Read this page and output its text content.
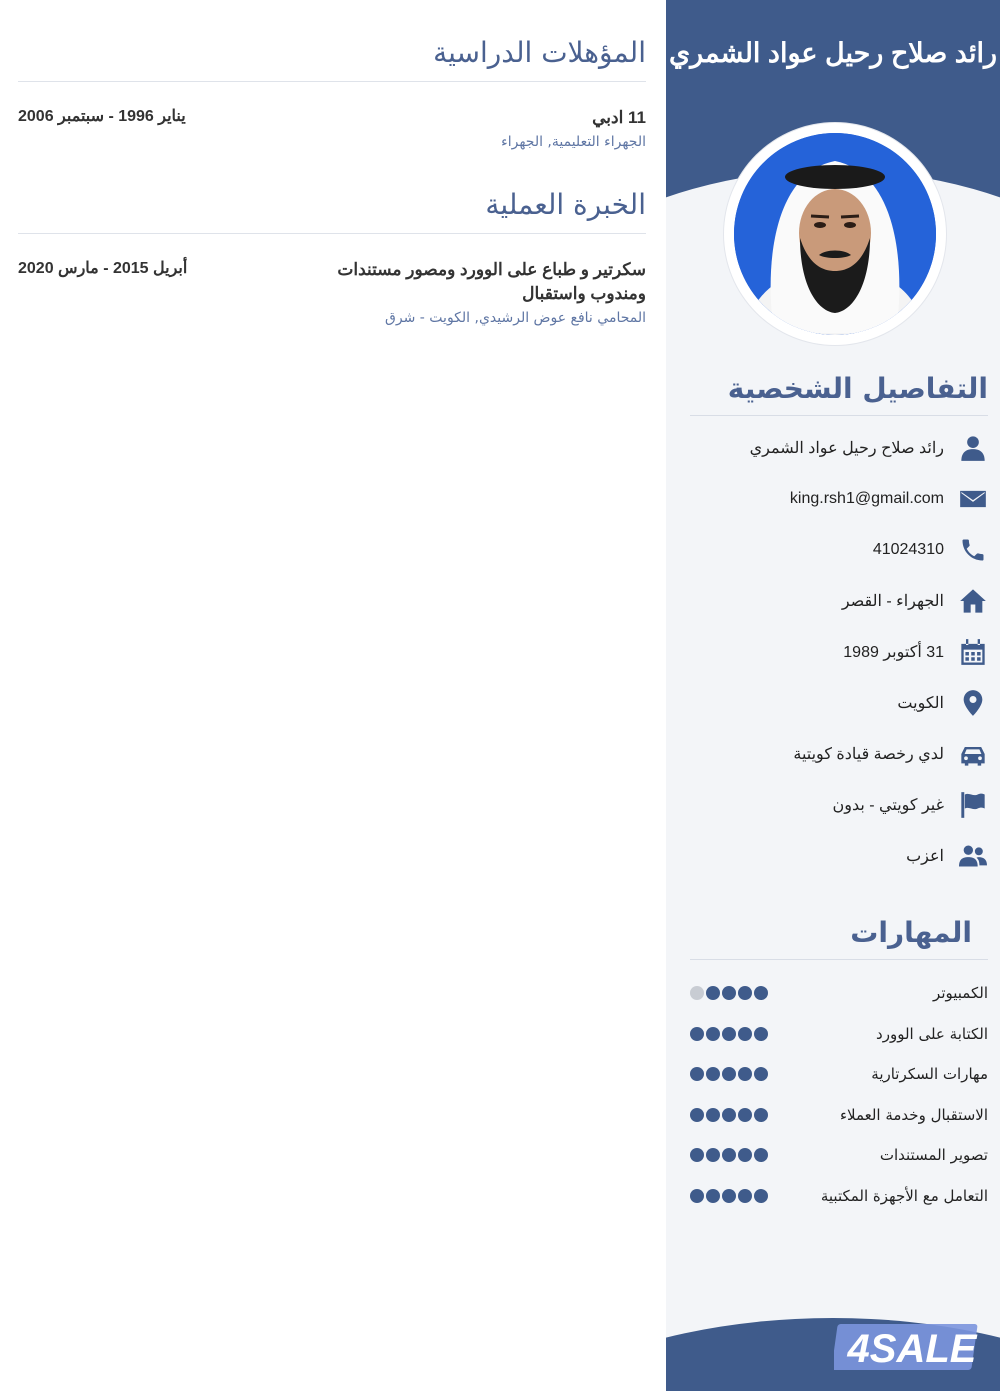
المؤهلات الدراسية
11 ادبي
الجهراء التعليمية, الجهراء
يناير 1996 - سبتمبر 2006
الخبرة العملية
سكرتير و طباع على الوورد ومصور مستندات ومندوب واستقبال
المحامي نافع عوض الرشيدي, الكويت - شرق
أبريل 2015 - مارس 2020
رائد صلاح رحيل عواد الشمري
التفاصيل الشخصية
رائد صلاح رحيل عواد الشمري
king.rsh1@gmail.com
41024310
الجهراء - القصر
31 أكتوبر 1989
الكويت
لدي رخصة قيادة كويتية
غير كويتي - بدون
اعزب
المهارات
الكمبيوتر
الكتابة على الوورد
مهارات السكرتارية
الاستقبال وخدمة العملاء
تصوير المستندات
التعامل مع الأجهزة المكتبية
4SALE
